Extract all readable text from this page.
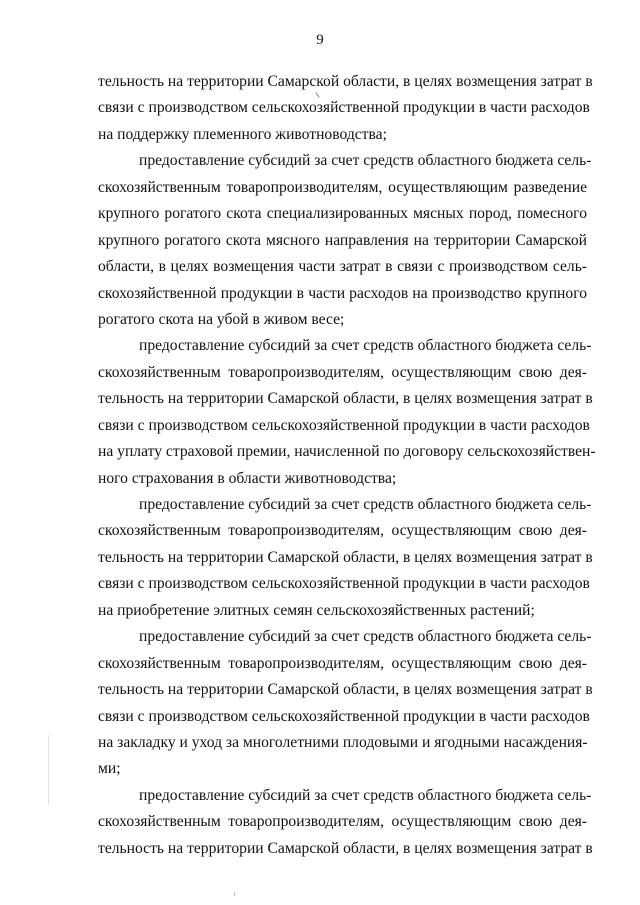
9
тельность на территории Самарской области, в целях возмещения затрат в
связи с производством сельскохозяйственной продукции в части расходов
на поддержку племенного животноводства;
предоставление субсидий за счет средств областного бюджета сель-
скохозяйственным товаропроизводителям, осуществляющим разведение
крупного рогатого скота специализированных мясных пород, помесного
крупного рогатого скота мясного направления на территории Самарской
области, в целях возмещения части затрат в связи с производством сель-
скохозяйственной продукции в части расходов на производство крупного
рогатого скота на убой в живом весе;
предоставление субсидий за счет средств областного бюджета сель-
скохозяйственным товаропроизводителям, осуществляющим свою дея-
тельность на территории Самарской области, в целях возмещения затрат в
связи с производством сельскохозяйственной продукции в части расходов
на уплату страховой премии, начисленной по договору сельскохозяйствен-
ного страхования в области животноводства;
предоставление субсидий за счет средств областного бюджета сель-
скохозяйственным товаропроизводителям, осуществляющим свою дея-
тельность на территории Самарской области, в целях возмещения затрат в
связи с производством сельскохозяйственной продукции в части расходов
на приобретение элитных семян сельскохозяйственных растений;
предоставление субсидий за счет средств областного бюджета сель-
скохозяйственным товаропроизводителям, осуществляющим свою дея-
тельность на территории Самарской области, в целях возмещения затрат в
связи с производством сельскохозяйственной продукции в части расходов
на закладку и уход за многолетними плодовыми и ягодными насаждения-
ми;
предоставление субсидий за счет средств областного бюджета сель-
скохозяйственным товаропроизводителям, осуществляющим свою дея-
тельность на территории Самарской области, в целях возмещения затрат в
